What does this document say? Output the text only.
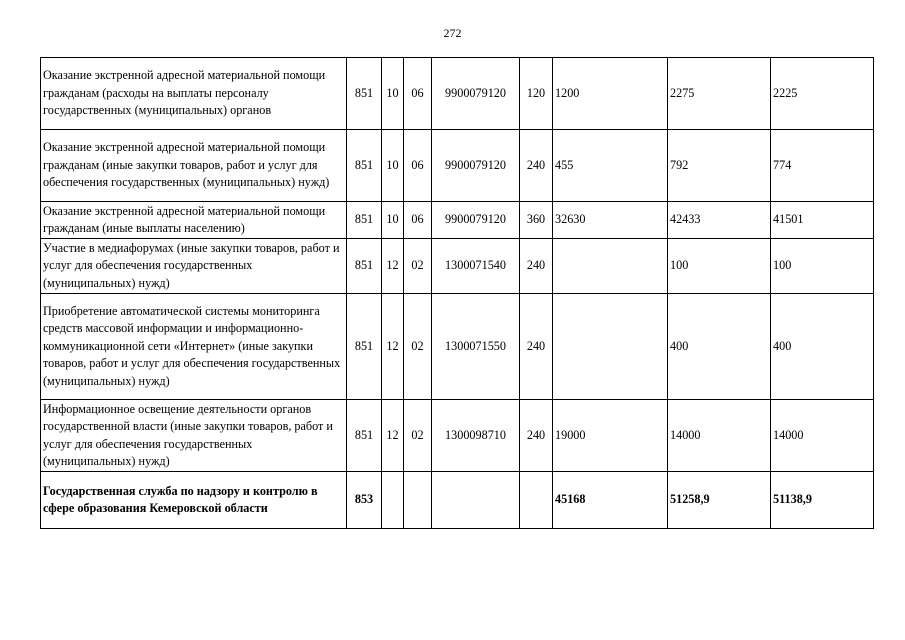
272
Оказание экстренной адресной материальной помощи гражданам (расходы на выплаты персоналу государственных (муниципальных) органов	851	10	06	9900079120	120	1200	2275	2225
Оказание экстренной адресной материальной помощи гражданам (иные закупки товаров, работ и услуг для обеспечения государственных (муниципальных) нужд)	851	10	06	9900079120	240	455	792	774
Оказание экстренной адресной материальной помощи гражданам (иные выплаты населению)	851	10	06	9900079120	360	32630	42433	41501
Участие в медиафорумах (иные закупки товаров, работ и услуг для обеспечения государственных (муниципальных) нужд)	851	12	02	1300071540	240		100	100
Приобретение автоматической системы мониторинга средств массовой информации и информационно-коммуникационной сети «Интернет» (иные закупки товаров, работ и услуг для обеспечения государственных (муниципальных) нужд)	851	12	02	1300071550	240		400	400
Информационное освещение деятельности органов государственной власти (иные закупки товаров, работ и услуг для обеспечения государственных (муниципальных) нужд)	851	12	02	1300098710	240	19000	14000	14000
Государственная служба по надзору и контролю в сфере образования Кемеровской области	853					45168	51258,9	51138,9
